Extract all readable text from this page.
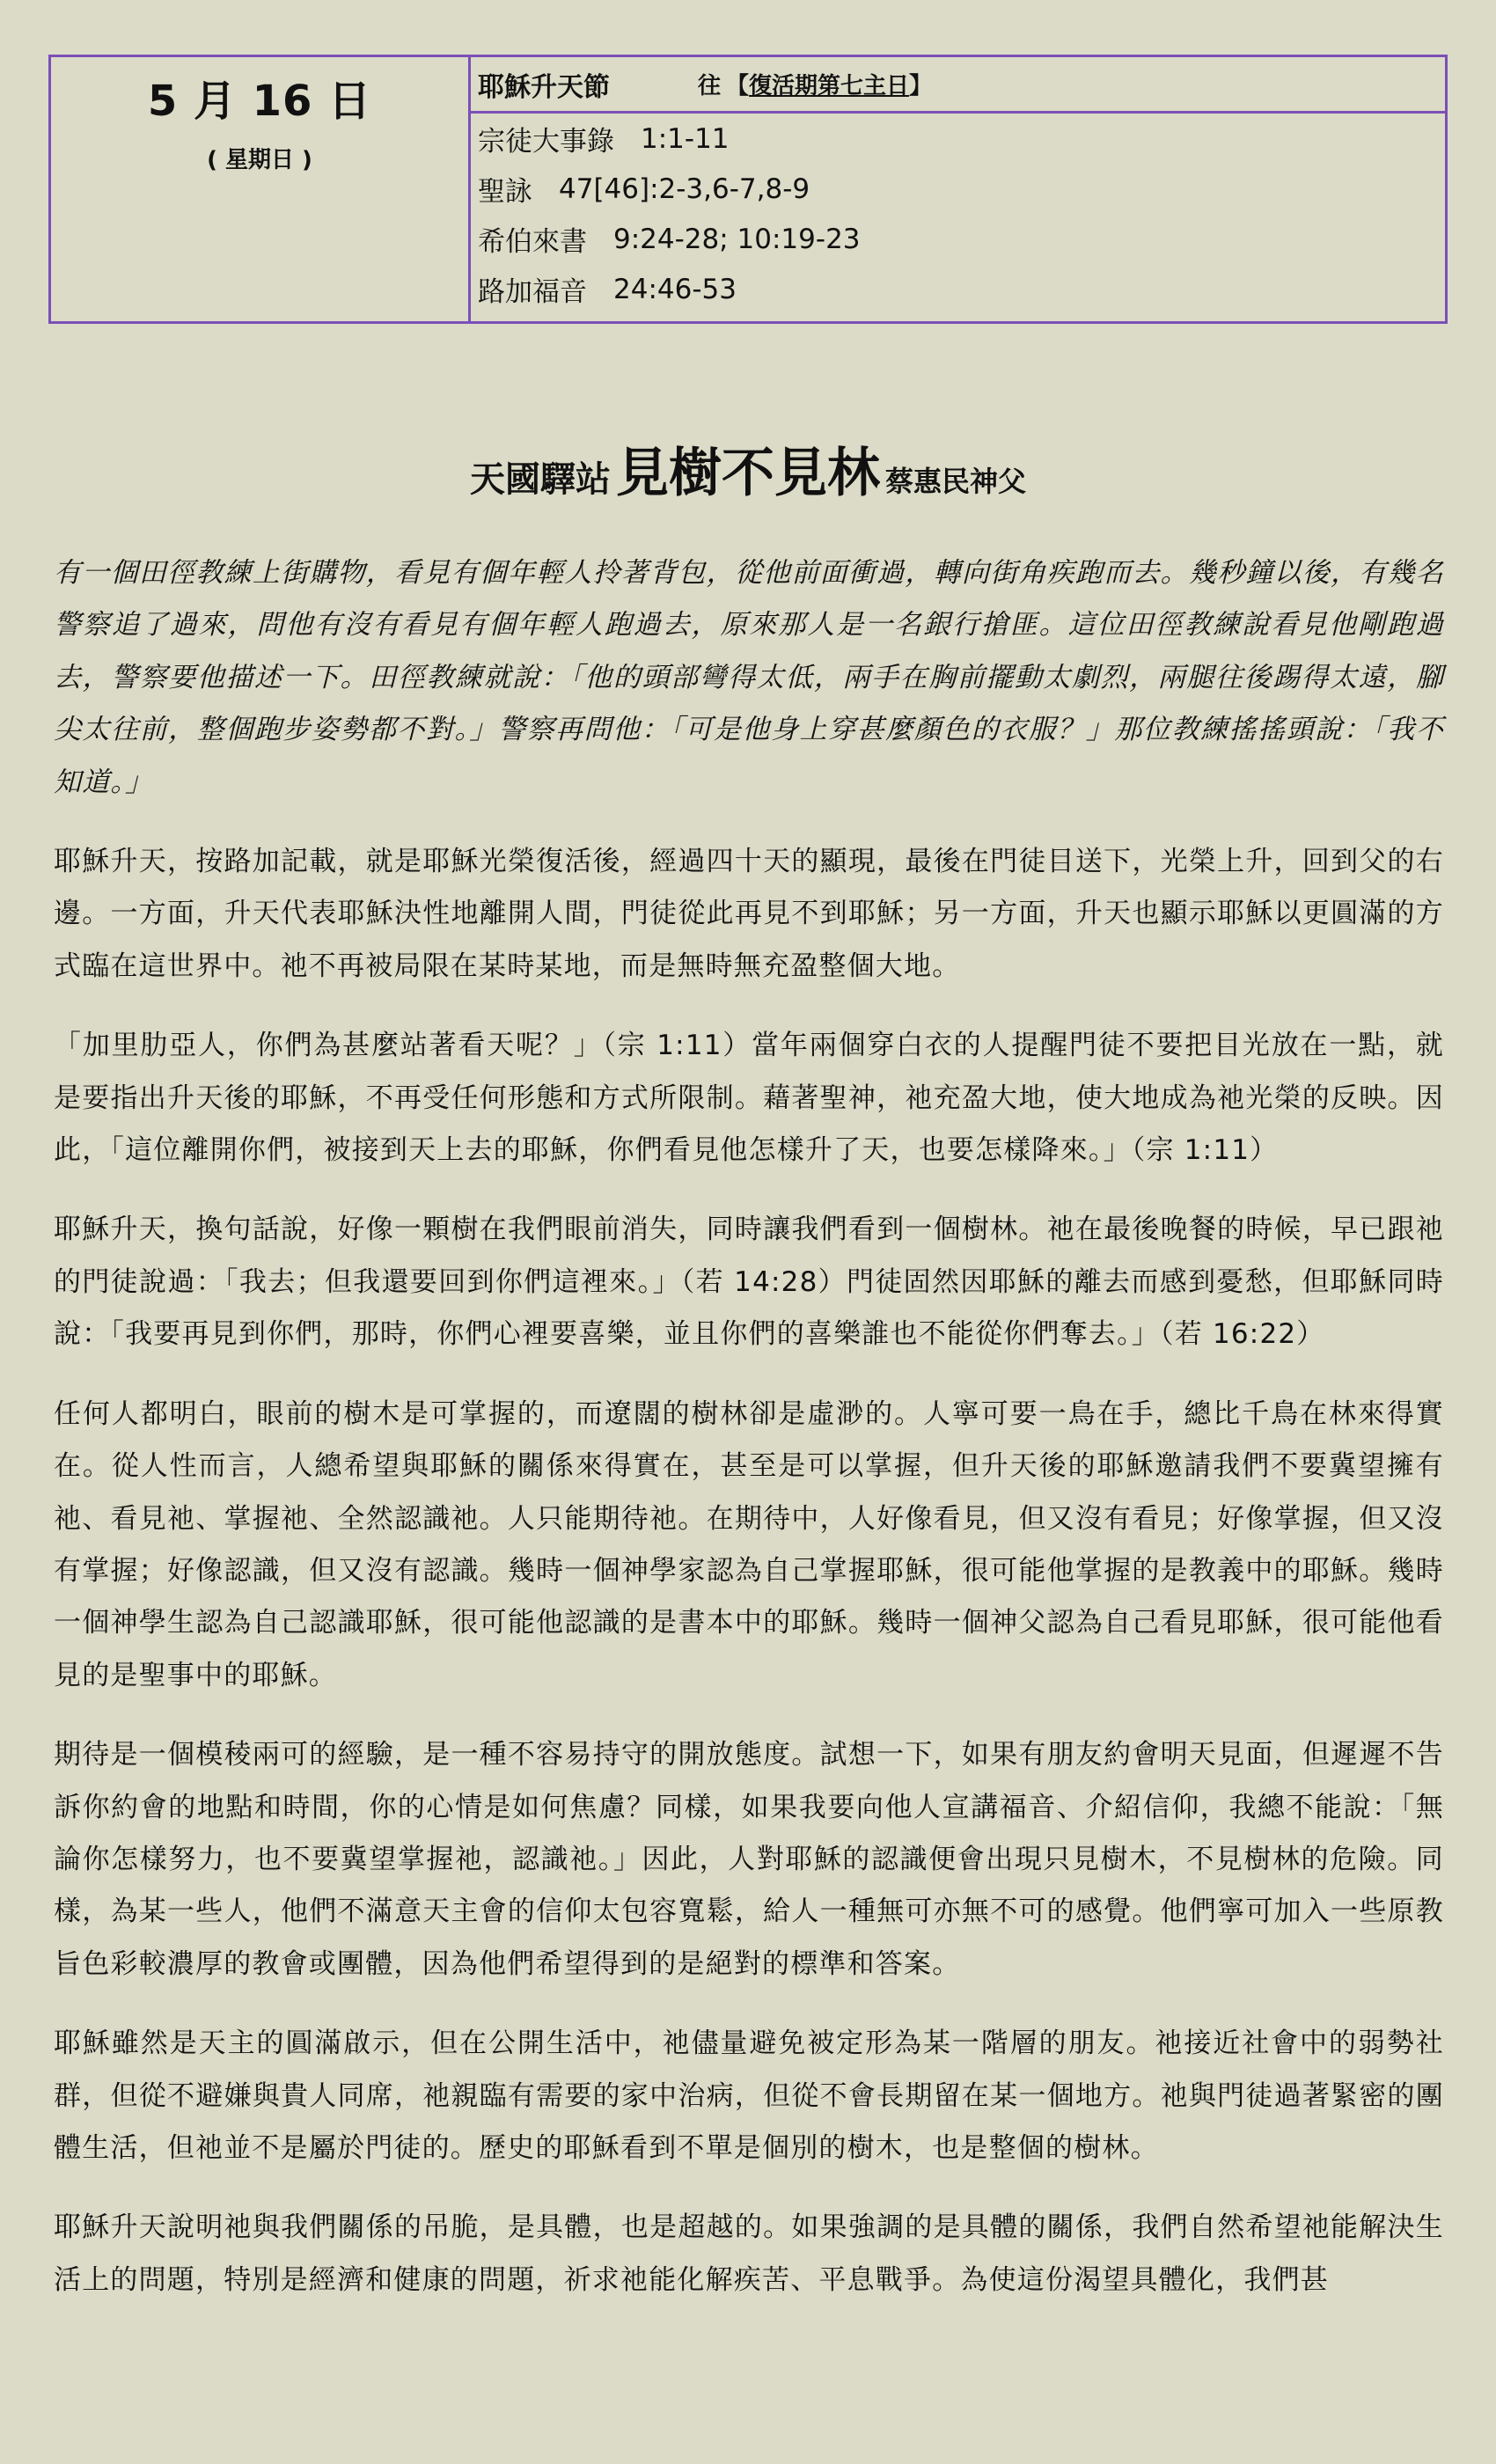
5 月 16 日
( 星期日 )
耶穌升天節	往 【復活期第七主日】
宗徒大事錄 1:1-11
聖詠 47[46]:2-3,6-7,8-9
希伯來書 9:24-28; 10:19-23
路加福音 24:46-53
天國驛站 見樹不見林 蔡惠民神父

有一個田徑教練上街購物，看見有個年輕人拎著背包，從他前面衝過，轉向街角疾跑而去。幾秒鐘以後，有幾名警察追了過來，問他有沒有看見有個年輕人跑過去，原來那人是一名銀行搶匪。這位田徑教練說看見他剛跑過去，警察要他描述一下。田徑教練就說：「他的頭部彎得太低，兩手在胸前擺動太劇烈，兩腿往後踢得太遠，腳尖太往前，整個跑步姿勢都不對。」警察再問他：「可是他身上穿甚麼顏色的衣服？」那位教練搖搖頭說：「我不知道。」

耶穌升天，按路加記載，就是耶穌光榮復活後，經過四十天的顯現，最後在門徒目送下，光榮上升，回到父的右邊。一方面，升天代表耶穌決性地離開人間，門徒從此再見不到耶穌；另一方面，升天也顯示耶穌以更圓滿的方式臨在這世界中。祂不再被局限在某時某地，而是無時無充盈整個大地。

「加里肋亞人，你們為甚麼站著看天呢？」（宗 1:11）當年兩個穿白衣的人提醒門徒不要把目光放在一點，就是要指出升天後的耶穌，不再受任何形態和方式所限制。藉著聖神，祂充盈大地，使大地成為祂光榮的反映。因此，「這位離開你們，被接到天上去的耶穌，你們看見他怎樣升了天，也要怎樣降來。」（宗 1:11）

耶穌升天，換句話說，好像一顆樹在我們眼前消失，同時讓我們看到一個樹林。祂在最後晚餐的時候，早已跟祂的門徒說過：「我去；但我還要回到你們這裡來。」（若 14:28）門徒固然因耶穌的離去而感到憂愁，但耶穌同時說：「我要再見到你們，那時，你們心裡要喜樂，並且你們的喜樂誰也不能從你們奪去。」（若 16:22）

任何人都明白，眼前的樹木是可掌握的，而遼闊的樹林卻是虛渺的。人寧可要一鳥在手，總比千鳥在林來得實在。從人性而言，人總希望與耶穌的關係來得實在，甚至是可以掌握，但升天後的耶穌邀請我們不要冀望擁有祂、看見祂、掌握祂、全然認識祂。人只能期待祂。在期待中，人好像看見，但又沒有看見；好像掌握，但又沒有掌握；好像認識，但又沒有認識。幾時一個神學家認為自己掌握耶穌，很可能他掌握的是教義中的耶穌。幾時一個神學生認為自己認識耶穌，很可能他認識的是書本中的耶穌。幾時一個神父認為自己看見耶穌，很可能他看見的是聖事中的耶穌。

期待是一個模稜兩可的經驗，是一種不容易持守的開放態度。試想一下，如果有朋友約會明天見面，但遲遲不告訴你約會的地點和時間，你的心情是如何焦慮？同樣，如果我要向他人宣講福音、介紹信仰，我總不能說：「無論你怎樣努力，也不要冀望掌握祂，認識祂。」因此，人對耶穌的認識便會出現只見樹木，不見樹林的危險。同樣，為某一些人，他們不滿意天主會的信仰太包容寬鬆，給人一種無可亦無不可的感覺。他們寧可加入一些原教旨色彩較濃厚的教會或團體，因為他們希望得到的是絕對的標準和答案。

耶穌雖然是天主的圓滿啟示，但在公開生活中，祂儘量避免被定形為某一階層的朋友。祂接近社會中的弱勢社群，但從不避嫌與貴人同席，祂親臨有需要的家中治病，但從不會長期留在某一個地方。祂與門徒過著緊密的團體生活，但祂並不是屬於門徒的。歷史的耶穌看到不單是個別的樹木，也是整個的樹林。

耶穌升天說明祂與我們關係的吊脆，是具體，也是超越的。如果強調的是具體的關係，我們自然希望祂能解決生活上的問題，特別是經濟和健康的問題，祈求祂能化解疾苦、平息戰爭。為使這份渴望具體化，我們甚
